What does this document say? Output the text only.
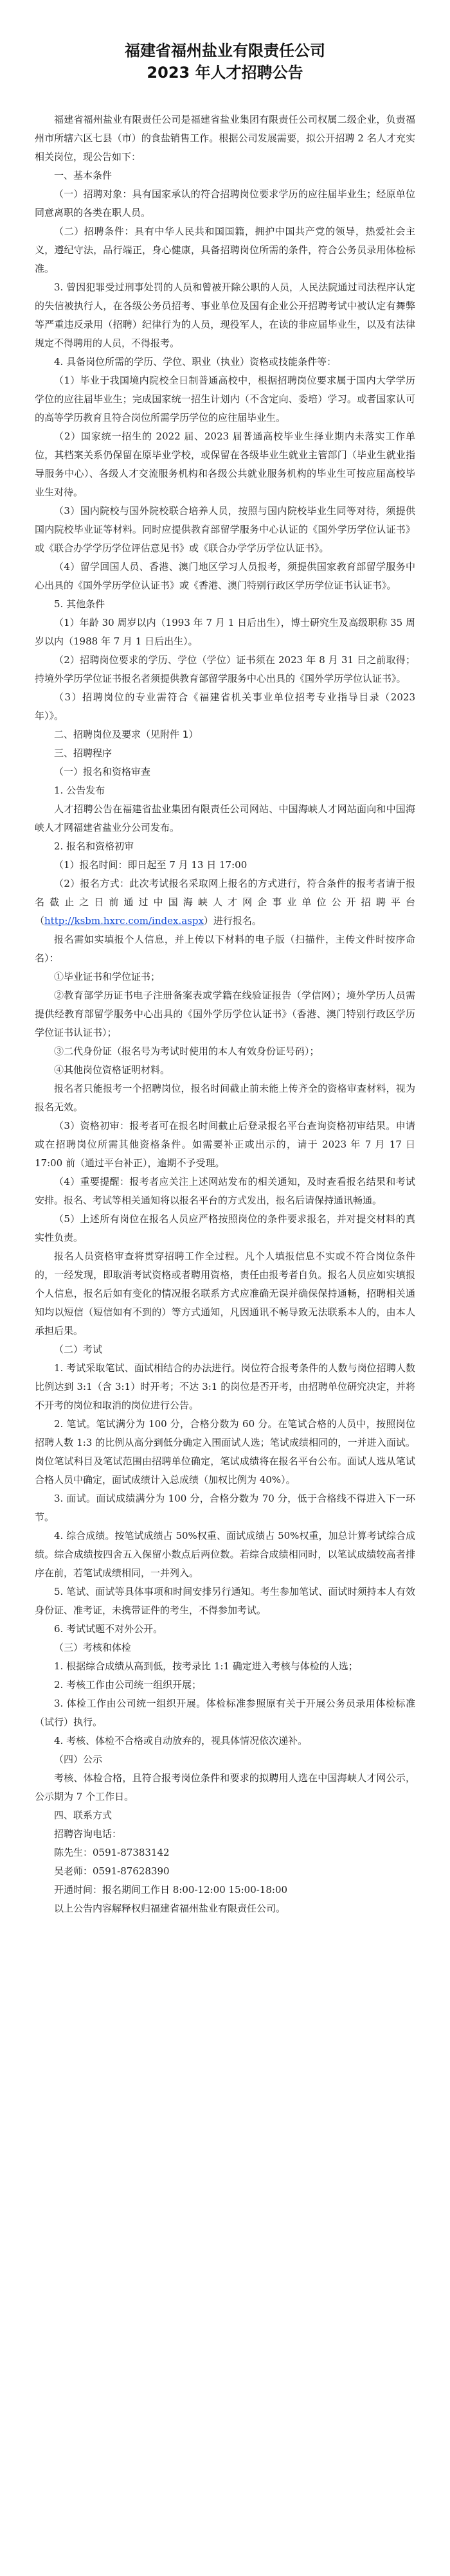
福建省福州盐业有限责任公司

2023 年人才招聘公告

福建省福州盐业有限责任公司是福建省盐业集团有限责任公司权属二级企业，负责福州市所辖六区七县（市）的食盐销售工作。根据公司发展需要，拟公开招聘 2 名人才充实相关岗位，现公告如下：

一、基本条件

（一）招聘对象：具有国家承认的符合招聘岗位要求学历的应往届毕业生；经原单位同意离职的各类在职人员。

（二）招聘条件：具有中华人民共和国国籍，拥护中国共产党的领导，热爱社会主义，遵纪守法，品行端正，身心健康，具备招聘岗位所需的条件，符合公务员录用体检标准。

3. 曾因犯罪受过刑事处罚的人员和曾被开除公职的人员，人民法院通过司法程序认定的失信被执行人，在各级公务员招考、事业单位及国有企业公开招聘考试中被认定有舞弊等严重违反录用（招聘）纪律行为的人员，现役军人，在读的非应届毕业生，以及有法律规定不得聘用的人员，不得报考。

4. 具备岗位所需的学历、学位、职业（执业）资格或技能条件等：

（1）毕业于我国境内院校全日制普通高校中，根据招聘岗位要求属于国内大学学历学位的应往届毕业生；完成国家统一招生计划内（不含定向、委培）学习。或者国家认可的高等学历教育且符合岗位所需学历学位的应往届毕业生。

（2）国家统一招生的 2022 届、2023 届普通高校毕业生择业期内未落实工作单位，其档案关系仍保留在原毕业学校，或保留在各级毕业生就业主管部门（毕业生就业指导服务中心）、各级人才交流服务机构和各级公共就业服务机构的毕业生可按应届高校毕业生对待。

（3）国内院校与国外院校联合培养人员，按照与国内院校毕业生同等对待，须提供国内院校毕业证等材料。同时应提供教育部留学服务中心认证的《国外学历学位认证书》或《联合办学学历学位评估意见书》或《联合办学学历学位认证书》。

（4）留学回国人员、香港、澳门地区学习人员报考，须提供国家教育部留学服务中心出具的《国外学历学位认证书》或《香港、澳门特别行政区学历学位证书认证书》。

5. 其他条件

（1）年龄 30 周岁以内（1993 年 7 月 1 日后出生），博士研究生及高级职称 35 周岁以内（1988 年 7 月 1 日后出生）。

（2）招聘岗位要求的学历、学位（学位）证书须在 2023 年 8 月 31 日之前取得；持境外学历学位证书报名者须提供教育部留学服务中心出具的《国外学历学位认证书》。

（3）招聘岗位的专业需符合《福建省机关事业单位招考专业指导目录（2023 年）》。

二、招聘岗位及要求（见附件 1）

三、招聘程序

（一）报名和资格审查

1. 公告发布

人才招聘公告在福建省盐业集团有限责任公司网站、中国海峡人才网站面向和中国海峡人才网福建省盐业分公司发布。

2. 报名和资格初审

（1）报名时间：即日起至 7 月 13 日 17:00

（2）报名方式：此次考试报名采取网上报名的方式进行，符合条件的报考者请于报名截止之日前通过中国海峡人才网企事业单位公开招聘平台（http://ksbm.hxrc.com/index.aspx）进行报名。

报名需如实填报个人信息，并上传以下材料的电子版（扫描件，主传文件时按序命名）：

①毕业证书和学位证书；

②教育部学历证书电子注册备案表或学籍在线验证报告（学信网）；境外学历人员需提供经教育部留学服务中心出具的《国外学历学位认证书》（香港、澳门特别行政区学历学位证书认证书）；

③二代身份证（报名号为考试时使用的本人有效身份证号码）；

④其他岗位资格证明材料。

报名者只能报考一个招聘岗位，报名时间截止前未能上传齐全的资格审查材料，视为报名无效。

（3）资格初审：报考者可在报名时间截止后登录报名平台查询资格初审结果。申请或在招聘岗位所需其他资格条件。如需要补正或出示的，请于 2023 年 7 月 17 日 17:00 前（通过平台补正），逾期不予受理。

（4）重要提醒：报考者应关注上述网站发布的相关通知，及时查看报名结果和考试安排。报名、考试等相关通知将以报名平台的方式发出，报名后请保持通讯畅通。

（5）上述所有岗位在报名人员应严格按照岗位的条件要求报名，并对提交材料的真实性负责。

报名人员资格审查将贯穿招聘工作全过程。凡个人填报信息不实或不符合岗位条件的，一经发现，即取消考试资格或者聘用资格，责任由报考者自负。报名人员应如实填报个人信息，报名后如有变化的情况报名联系方式应准确无误并确保保持通畅，招聘相关通知均以短信（短信如有不到的）等方式通知，凡因通讯不畅导致无法联系本人的，由本人承担后果。

（二）考试

1. 考试采取笔试、面试相结合的办法进行。岗位符合报考条件的人数与岗位招聘人数比例达到 3:1（含 3:1）时开考；不达 3:1 的岗位是否开考，由招聘单位研究决定，并将不开考的岗位和取消的岗位进行公告。

2. 笔试。笔试满分为 100 分，合格分数为 60 分。在笔试合格的人员中，按照岗位招聘人数 1:3 的比例从高分到低分确定入围面试人选；笔试成绩相同的，一并进入面试。岗位笔试科目及笔试范围由招聘单位确定，笔试成绩将在报名平台公布。面试人选从笔试合格人员中确定，面试成绩计入总成绩（加权比例为 40%）。

3. 面试。面试成绩满分为 100 分，合格分数为 70 分，低于合格线不得进入下一环节。

4. 综合成绩。按笔试成绩占 50%权重、面试成绩占 50%权重，加总计算考试综合成绩。综合成绩按四舍五入保留小数点后两位数。若综合成绩相同时，以笔试成绩较高者排序在前，若笔试成绩相同，一并列入。

5. 笔试、面试等具体事项和时间安排另行通知。考生参加笔试、面试时须持本人有效身份证、准考证，未携带证件的考生，不得参加考试。

6. 考试试题不对外公开。

（三）考核和体检

1. 根据综合成绩从高到低，按考录比 1:1 确定进入考核与体检的人选；

2. 考核工作由公司统一组织开展；

3. 体检工作由公司统一组织开展。体检标准参照原有关于开展公务员录用体检标准（试行）执行。

4. 考核、体检不合格或自动放弃的，视具体情况依次递补。

（四）公示

考核、体检合格，且符合报考岗位条件和要求的拟聘用人选在中国海峡人才网公示，公示期为 7 个工作日。

四、联系方式

招聘咨询电话：

陈先生：0591-87383142

吴老师：0591-87628390

开通时间：报名期间工作日 8:00-12:00 15:00-18:00

以上公告内容解释权归福建省福州盐业有限责任公司。
